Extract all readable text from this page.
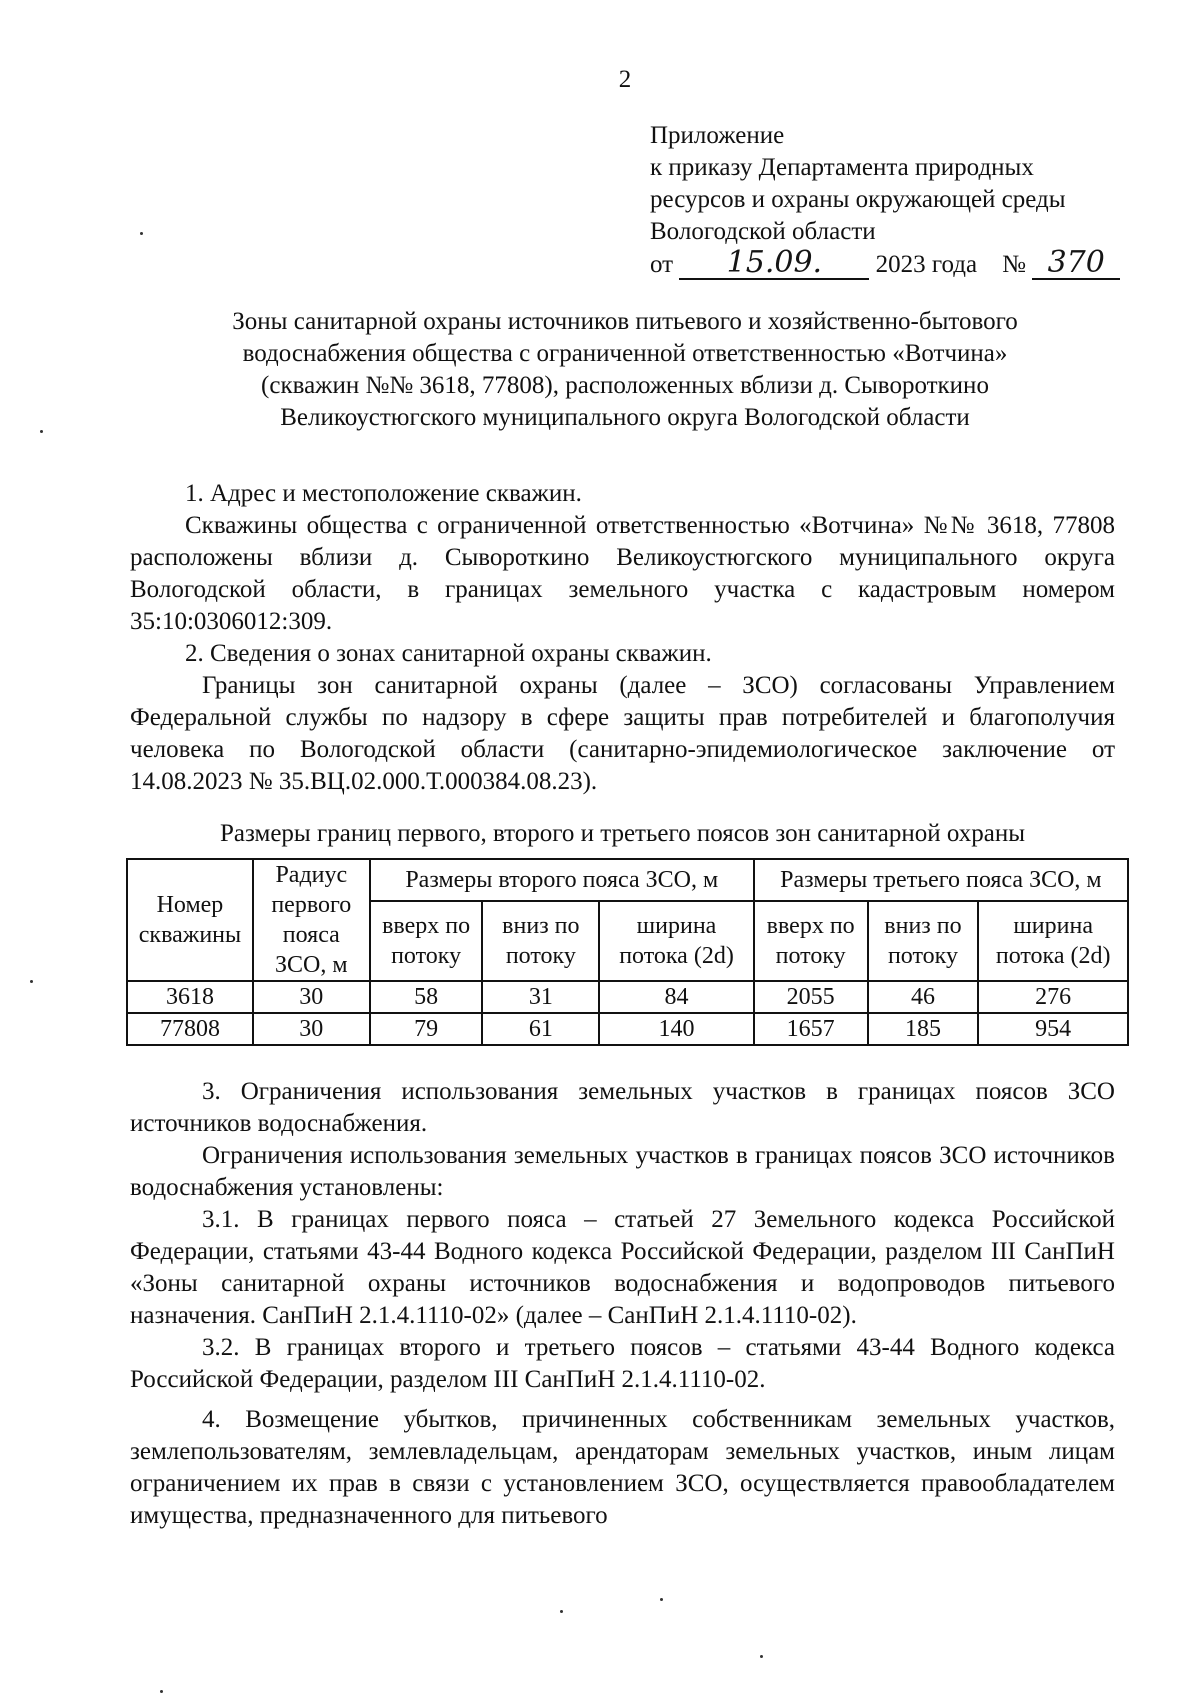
2
Приложение
к приказу Департамента природных
ресурсов и охраны окружающей среды
Вологодской области
от 15.09. 2023 года № 370
Зоны санитарной охраны источников питьевого и хозяйственно-бытового
водоснабжения общества с ограниченной ответственностью «Вотчина»
(скважин №№ 3618, 77808), расположенных вблизи д. Сывороткино
Великоустюгского муниципального округа Вологодской области

1. Адрес и местоположение скважин.

Скважины общества с ограниченной ответственностью «Вотчина» №№ 3618, 77808 расположены вблизи д. Сывороткино Великоустюгского муниципального округа Вологодской области, в границах земельного участка с кадастровым номером 35:10:0306012:309.

2. Сведения о зонах санитарной охраны скважин.

Границы зон санитарной охраны (далее – ЗСО) согласованы Управлением Федеральной службы по надзору в сфере защиты прав потребителей и благополучия человека по Вологодской области (санитарно-эпидемиологическое заключение от 14.08.2023 № 35.ВЦ.02.000.Т.000384.08.23).

Размеры границ первого, второго и третьего поясов зон санитарной охраны
Номер скважины	Радиус первого пояса ЗСО, м	Размеры второго пояса ЗСО, м			Размеры третьего пояса ЗСО, м		
		вверх по потоку	вниз по потоку	ширина потока (2d)	вверх по потоку	вниз по потоку	ширина потока (2d)
3618	30	58	31	84	2055	46	276
77808	30	79	61	140	1657	185	954

3. Ограничения использования земельных участков в границах поясов ЗСО источников водоснабжения.

Ограничения использования земельных участков в границах поясов ЗСО источников водоснабжения установлены:

3.1. В границах первого пояса – статьей 27 Земельного кодекса Российской Федерации, статьями 43-44 Водного кодекса Российской Федерации, разделом III СанПиН «Зоны санитарной охраны источников водоснабжения и водопроводов питьевого назначения. СанПиН 2.1.4.1110-02» (далее – СанПиН 2.1.4.1110-02).

3.2. В границах второго и третьего поясов – статьями 43-44 Водного кодекса Российской Федерации, разделом III СанПиН 2.1.4.1110-02.

4. Возмещение убытков, причиненных собственникам земельных участков, землепользователям, землевладельцам, арендаторам земельных участков, иным лицам ограничением их прав в связи с установлением ЗСО, осуществляется правообладателем имущества, предназначенного для питьевого
